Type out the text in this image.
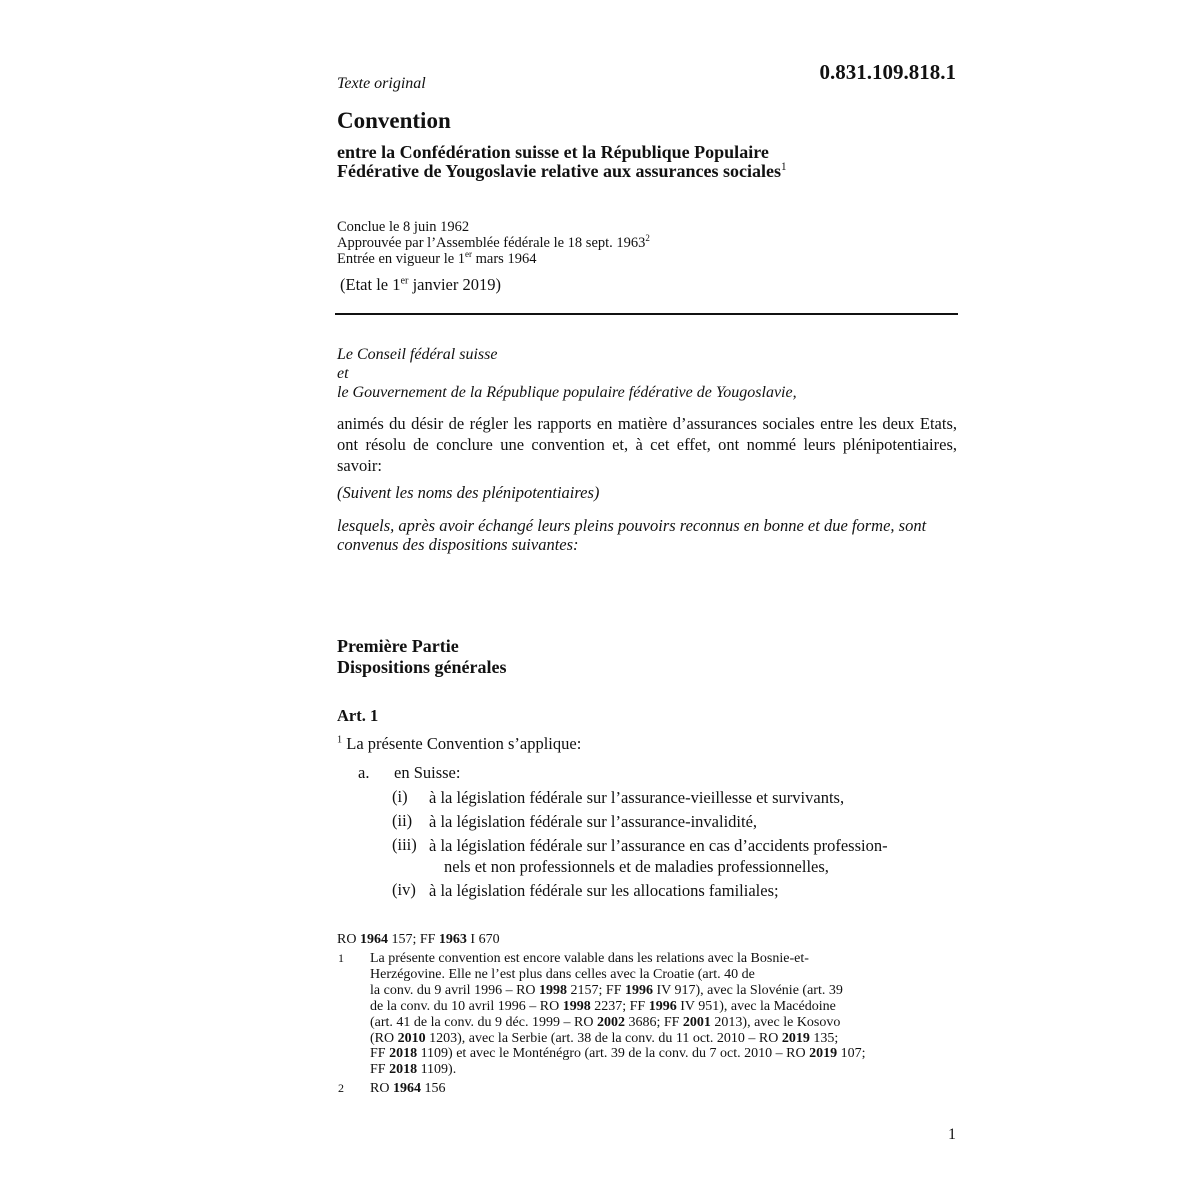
0.831.109.818.1
Texte original
Convention
entre la Confédération suisse et la République Populaire
Fédérative de Yougoslavie relative aux assurances sociales$^1$
Conclue le 8 juin 1962
Approuvée par l’Assemblée fédérale le 18 sept. 1963$^2$
Entrée en vigueur le 1er mars 1964
(Etat le 1er janvier 2019)
Le Conseil fédéral suisse
et
le Gouvernement de la République populaire fédérative de Yougoslavie,
animés du désir de régler les rapports en matière d’assurances sociales entre les deux Etats, ont résolu de conclure une convention et, à cet effet, ont nommé leurs plénipotentiaires, savoir:
(Suivent les noms des plénipotentiaires)
lesquels, après avoir échangé leurs pleins pouvoirs reconnus en bonne et due forme, sont convenus des dispositions suivantes:
Première Partie
Dispositions générales
Art. 1
$^1$ La présente Convention s’applique:
a. en Suisse:
(i) à la législation fédérale sur l’assurance-vieillesse et survivants,
(ii) à la législation fédérale sur l’assurance-invalidité,
(iii) à la législation fédérale sur l’assurance en cas d’accidents profession-
nels et non professionnels et de maladies professionnelles,
(iv) à la législation fédérale sur les allocations familiales;
RO 1964 157; FF 1963 I 670
1 La présente convention est encore valable dans les relations avec la Bosnie-et-
Herzégovine. Elle ne l’est plus dans celles avec la Croatie (art. 40 de
la conv. du 9 avril 1996 – RO 1998 2157; FF 1996 IV 917), avec la Slovénie (art. 39
de la conv. du 10 avril 1996 – RO 1998 2237; FF 1996 IV 951), avec la Macédoine
(art. 41 de la conv. du 9 déc. 1999 – RO 2002 3686; FF 2001 2013), avec le Kosovo
(RO 2010 1203), avec la Serbie (art. 38 de la conv. du 11 oct. 2010 – RO 2019 135;
FF 2018 1109) et avec le Monténégro (art. 39 de la conv. du 7 oct. 2010 – RO 2019 107;
FF 2018 1109).
2 RO 1964 156
1
